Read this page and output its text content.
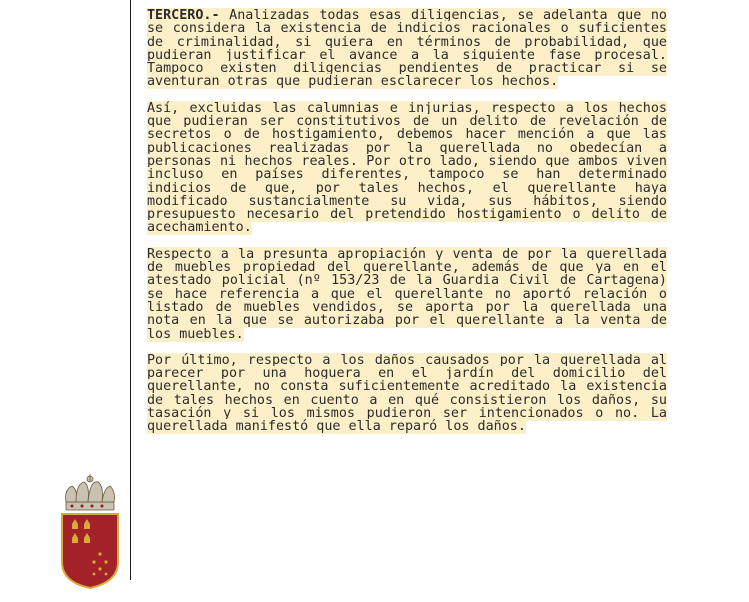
TERCERO.- Analizadas todas esas diligencias, se adelanta que no se considera la existencia de indicios racionales o suficientes de criminalidad, si quiera en términos de probabilidad, que pudieran justificar el avance a la siguiente fase procesal. Tampoco existen diligencias pendientes de practicar si se aventuran otras que pudieran esclarecer los hechos.

Así, excluidas las calumnias e injurias, respecto a los hechos que pudieran ser constitutivos de un delito de revelación de secretos o de hostigamiento, debemos hacer mención a que las publicaciones realizadas por la querellada no obedecían a personas ni hechos reales. Por otro lado, siendo que ambos viven incluso en países diferentes, tampoco se han determinado indicios de que, por tales hechos, el querellante haya modificado sustancialmente su vida, sus hábitos, siendo presupuesto necesario del pretendido hostigamiento o delito de acechamiento.

Respecto a la presunta apropiación y venta de por la querellada de muebles propiedad del querellante, además de que ya en el atestado policial (nº 153/23 de la Guardia Civil de Cartagena) se hace referencia a que el querellante no aportó relación o listado de muebles vendidos, se aporta por la querellada una nota en la que se autorizaba por el querellante a la venta de los muebles.

Por último, respecto a los daños causados por la querellada al parecer por una hoguera en el jardín del domicilio del querellante, no consta suficientemente acreditado la existencia de tales hechos en cuento a en qué consistieron los daños, su tasación y si los mismos pudieron ser intencionados o no. La querellada manifestó que ella reparó los daños.
